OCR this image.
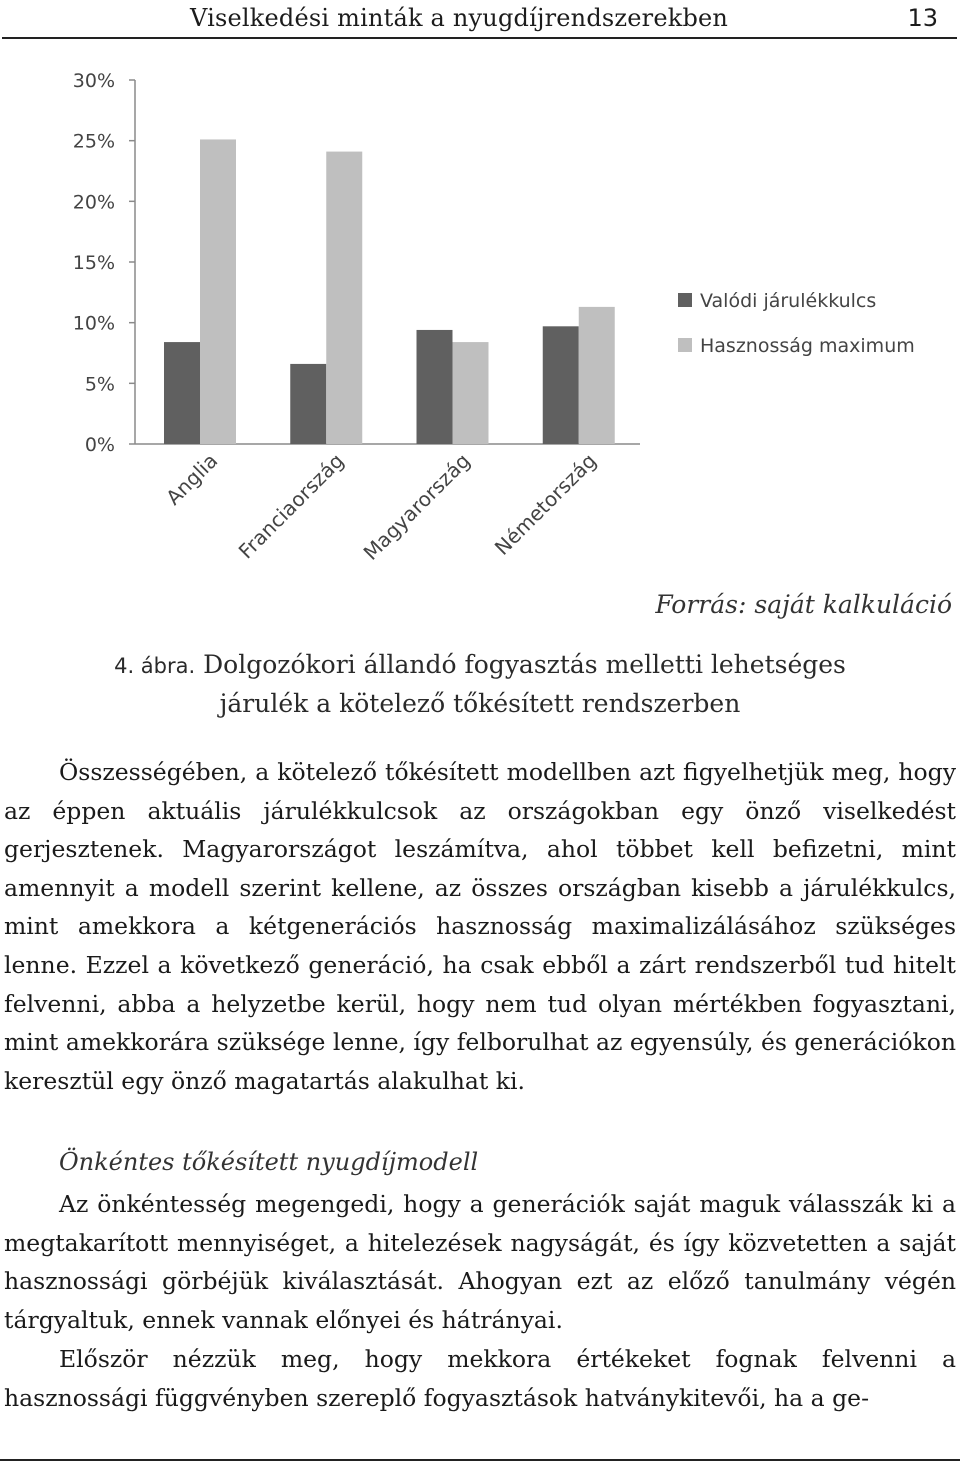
Viselkedési minták a nyugdíjrendszerekben	13
0%
5%
10%
15%
20%
25%
30%
Anglia Franciaország Magyarország Németország
Valódi járulékkulcs
Hasznosság maximum
Forrás: saját kalkuláció
4. ábra. Dolgozókori állandó fogyasztás melletti lehetséges
járulék a kötelező tőkésített rendszerben

Összességében, a kötelező tőkésített modellben azt figyelhetjük meg, hogy az éppen aktuális járulékkulcsok az országokban egy önző viselkedést gerjesztenek. Magyarországot leszámítva, ahol többet kell befizetni, mint amennyit a modell szerint kellene, az összes országban kisebb a járulékkulcs, mint amekkora a kétgenerációs hasznosság maximalizálásához szükséges lenne. Ezzel a következő generáció, ha csak ebből a zárt rendszerből tud hitelt felvenni, abba a helyzetbe kerül, hogy nem tud olyan mértékben fogyasztani, mint amekkorára szüksége lenne, így felborulhat az egyensúly, és generációkon keresztül egy önző magatartás alakulhat ki.

Önkéntes tőkésített nyugdíjmodell

Az önkéntesség megengedi, hogy a generációk saját maguk válasszák ki a megtakarított mennyiséget, a hitelezések nagyságát, és így közvetetten a saját hasznossági görbéjük kiválasztását. Ahogyan ezt az előző tanulmány végén tárgyaltuk, ennek vannak előnyei és hátrányai.

Először nézzük meg, hogy mekkora értékeket fognak felvenni a hasznossági függvényben szereplő fogyasztások hatványkitevői, ha a ge-
